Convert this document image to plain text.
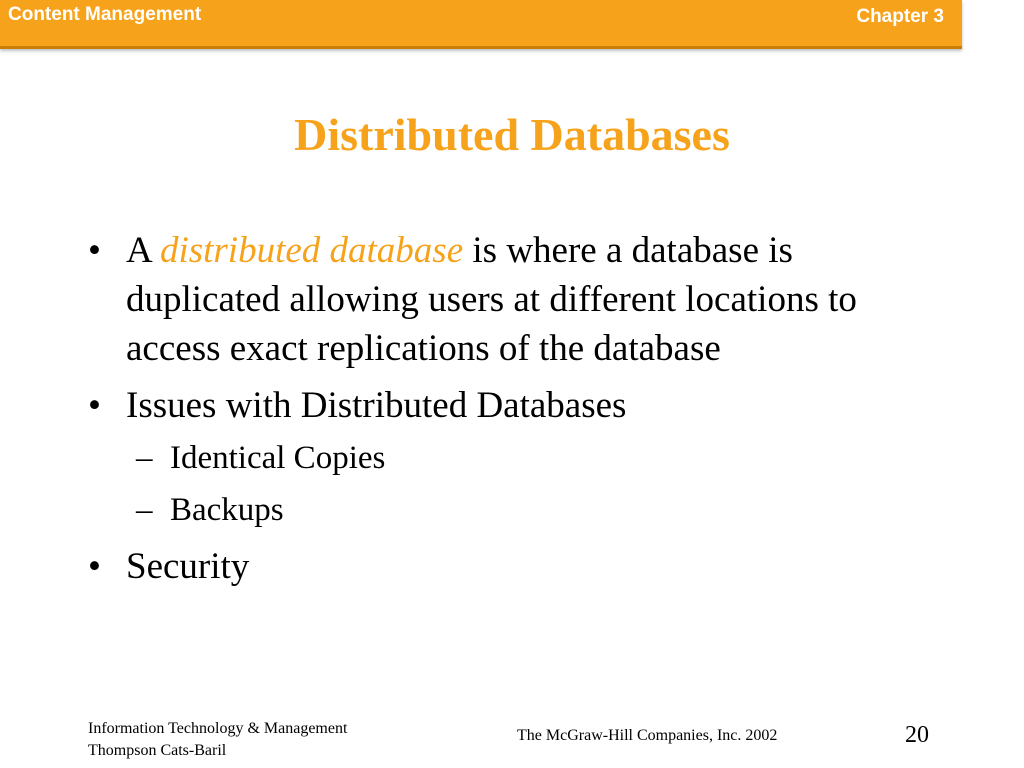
Content Management	Chapter 3
Distributed Databases
• A distributed database is where a database is duplicated allowing users at different locations to access exact replications of the database
• Issues with Distributed Databases
– Identical Copies
– Backups
• Security
Information Technology & Management
Thompson Cats-Baril
The McGraw-Hill Companies, Inc. 2002	20
